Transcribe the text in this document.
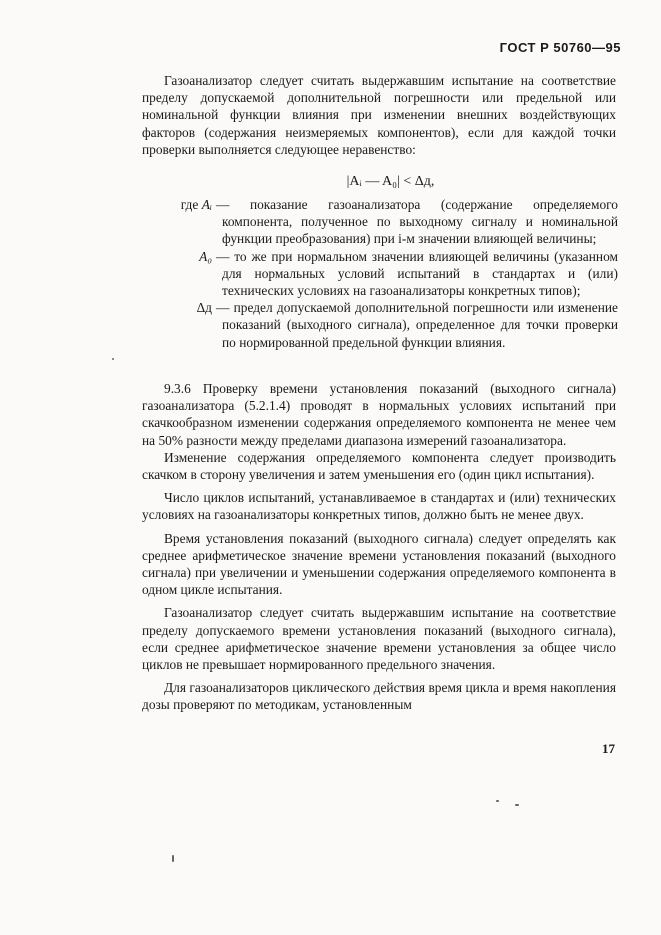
ГОСТ Р 50760—95

Газоанализатор следует считать выдержавшим испытание на соответствие пределу допускаемой дополнительной погрешности или предельной или номинальной функции влияния при изменении внешних воздействующих факторов (содержания неизмеряемых компонентов), если для каждой точки проверки выполняется следующее неравенство:

|Aᵢ — A₀| < Δд,
где Aᵢ — показание газоанализатора (содержание определяемого компонента, полученное по выходному сигналу и номинальной функции преобразования) при i-м значении влияющей величины;
A₀ — то же при нормальном значении влияющей величины (указанном для нормальных условий испытаний в стандартах и (или) технических условиях на газоанализаторы конкретных типов);
Δд — предел допускаемой дополнительной погрешности или изменение показаний (выходного сигнала), определенное для точки проверки по нормированной предельной функции влияния.

9.3.6 Проверку времени установления показаний (выходного сигнала) газоанализатора (5.2.1.4) проводят в нормальных условиях испытаний при скачкообразном изменении содержания определяемого компонента не менее чем на 50% разности между пределами диапазона измерений газоанализатора.

Изменение содержания определяемого компонента следует производить скачком в сторону увеличения и затем уменьшения его (один цикл испытания).

Число циклов испытаний, устанавливаемое в стандартах и (или) технических условиях на газоанализаторы конкретных типов, должно быть не менее двух.

Время установления показаний (выходного сигнала) следует определять как среднее арифметическое значение времени установления показаний (выходного сигнала) при увеличении и уменьшении содержания определяемого компонента в одном цикле испытания.

Газоанализатор следует считать выдержавшим испытание на соответствие пределу допускаемого времени установления показаний (выходного сигнала), если среднее арифметическое значение времени установления за общее число циклов не превышает нормированного предельного значения.

Для газоанализаторов циклического действия время цикла и время накопления дозы проверяют по методикам, установленным

17
